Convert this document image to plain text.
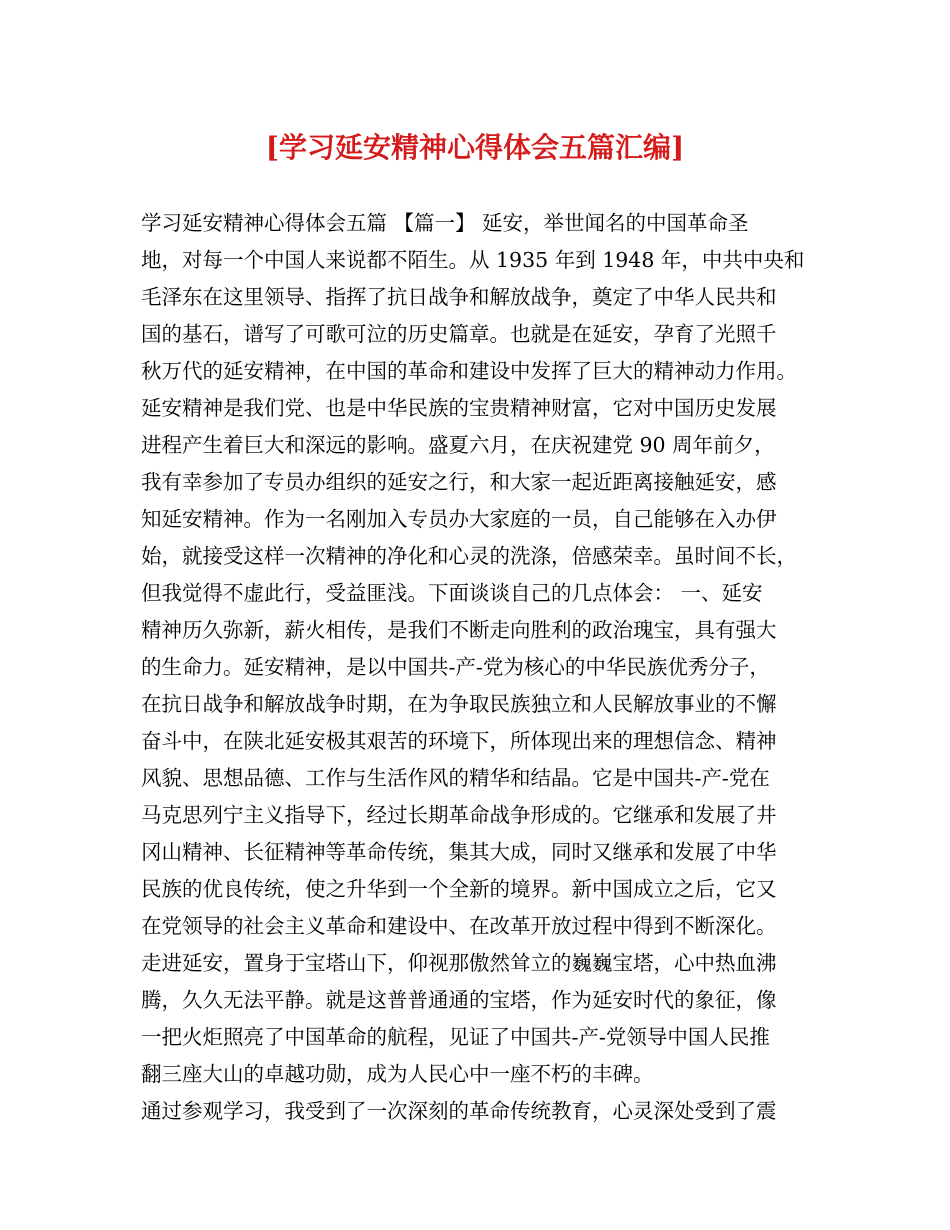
[学习延安精神心得体会五篇汇编]
学习延安精神心得体会五篇 【篇一】 延安，举世闻名的中国革命圣
地，对每一个中国人来说都不陌生。从 1935 年到 1948 年，中共中央和
毛泽东在这里领导、指挥了抗日战争和解放战争，奠定了中华人民共和
国的基石，谱写了可歌可泣的历史篇章。也就是在延安，孕育了光照千
秋万代的延安精神，在中国的革命和建设中发挥了巨大的精神动力作用。
延安精神是我们党、也是中华民族的宝贵精神财富，它对中国历史发展
进程产生着巨大和深远的影响。盛夏六月，在庆祝建党 90 周年前夕，
我有幸参加了专员办组织的延安之行，和大家一起近距离接触延安，感
知延安精神。作为一名刚加入专员办大家庭的一员，自己能够在入办伊
始，就接受这样一次精神的净化和心灵的洗涤，倍感荣幸。虽时间不长，
但我觉得不虚此行，受益匪浅。下面谈谈自己的几点体会： 一、延安
精神历久弥新，薪火相传，是我们不断走向胜利的政治瑰宝，具有强大
的生命力。延安精神，是以中国共-产-党为核心的中华民族优秀分子，
在抗日战争和解放战争时期，在为争取民族独立和人民解放事业的不懈
奋斗中，在陕北延安极其艰苦的环境下，所体现出来的理想信念、精神
风貌、思想品德、工作与生活作风的精华和结晶。它是中国共-产-党在
马克思列宁主义指导下，经过长期革命战争形成的。它继承和发展了井
冈山精神、长征精神等革命传统，集其大成，同时又继承和发展了中华
民族的优良传统，使之升华到一个全新的境界。新中国成立之后，它又
在党领导的社会主义革命和建设中、在改革开放过程中得到不断深化。
走进延安，置身于宝塔山下，仰视那傲然耸立的巍巍宝塔，心中热血沸
腾，久久无法平静。就是这普普通通的宝塔，作为延安时代的象征，像
一把火炬照亮了中国革命的航程，见证了中国共-产-党领导中国人民推
翻三座大山的卓越功勋，成为人民心中一座不朽的丰碑。
通过参观学习，我受到了一次深刻的革命传统教育，心灵深处受到了震
